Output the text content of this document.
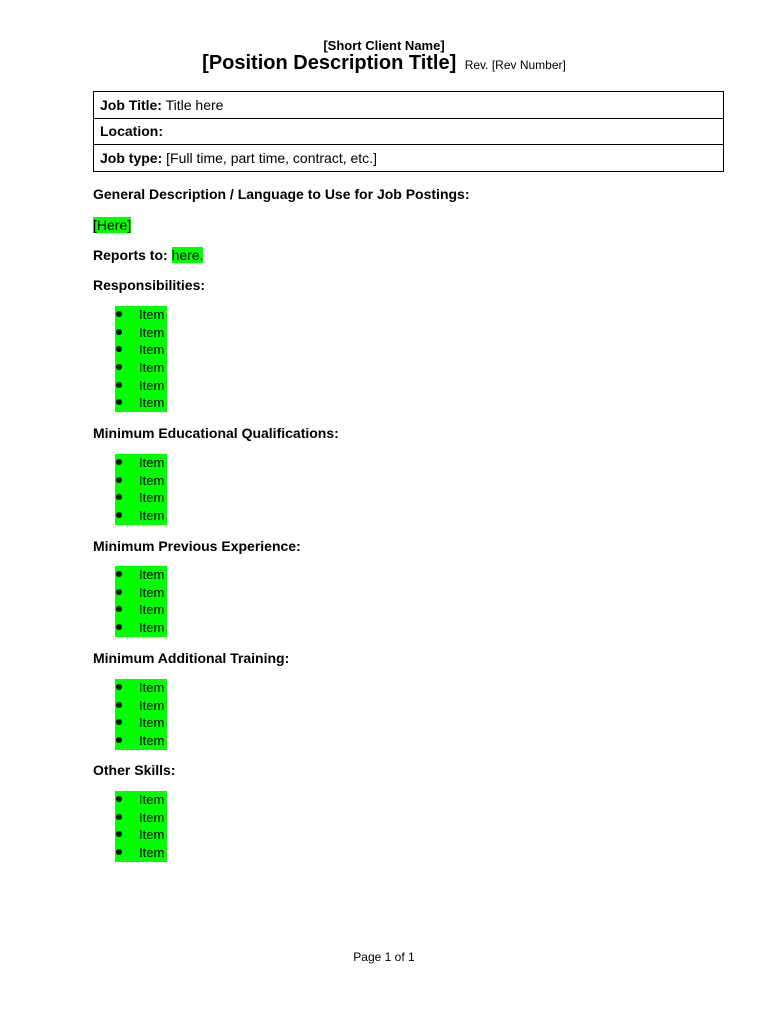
[Short Client Name]
[Position Description Title] Rev. [Rev Number]
Job Title: Title here
Location:
Job type: [Full time, part time, contract, etc.]
General Description / Language to Use for Job Postings:
[Here]
Reports to: here.
Responsibilities:
Item
Item
Item
Item
Item
Item
Minimum Educational Qualifications:
Item
Item
Item
Item
Minimum Previous Experience:
Item
Item
Item
Item
Minimum Additional Training:
Item
Item
Item
Item
Other Skills:
Item
Item
Item
Item
Page 1 of 1
